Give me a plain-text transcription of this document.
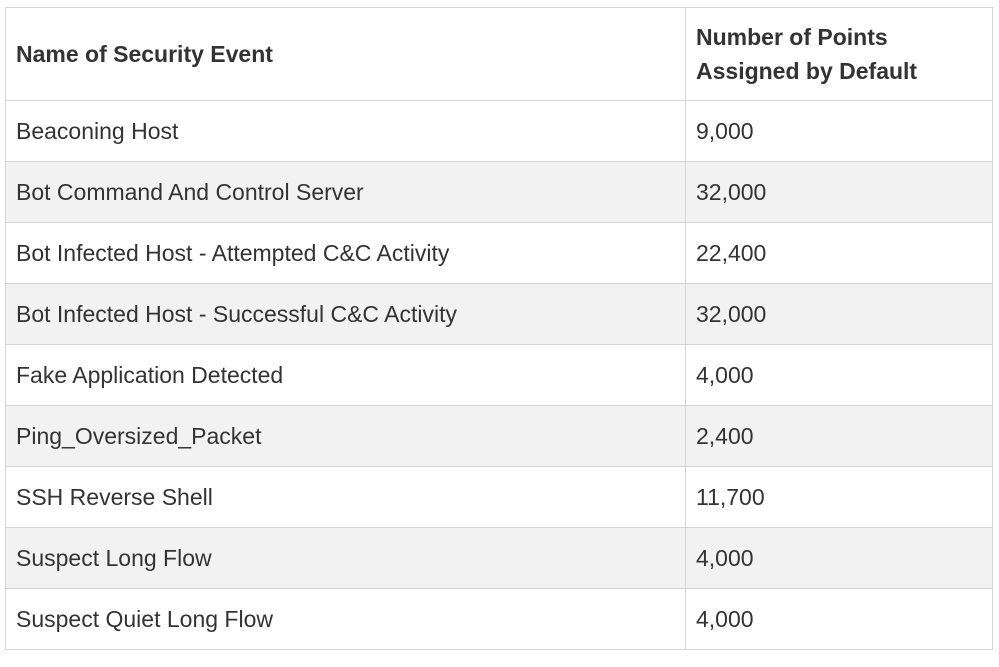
Name of Security Event	Number of Points
Assigned by Default
Beaconing Host	9,000
Bot Command And Control Server	32,000
Bot Infected Host - Attempted C&C Activity	22,400
Bot Infected Host - Successful C&C Activity	32,000
Fake Application Detected	4,000
Ping_Oversized_Packet	2,400
SSH Reverse Shell	11,700
Suspect Long Flow	4,000
Suspect Quiet Long Flow	4,000
